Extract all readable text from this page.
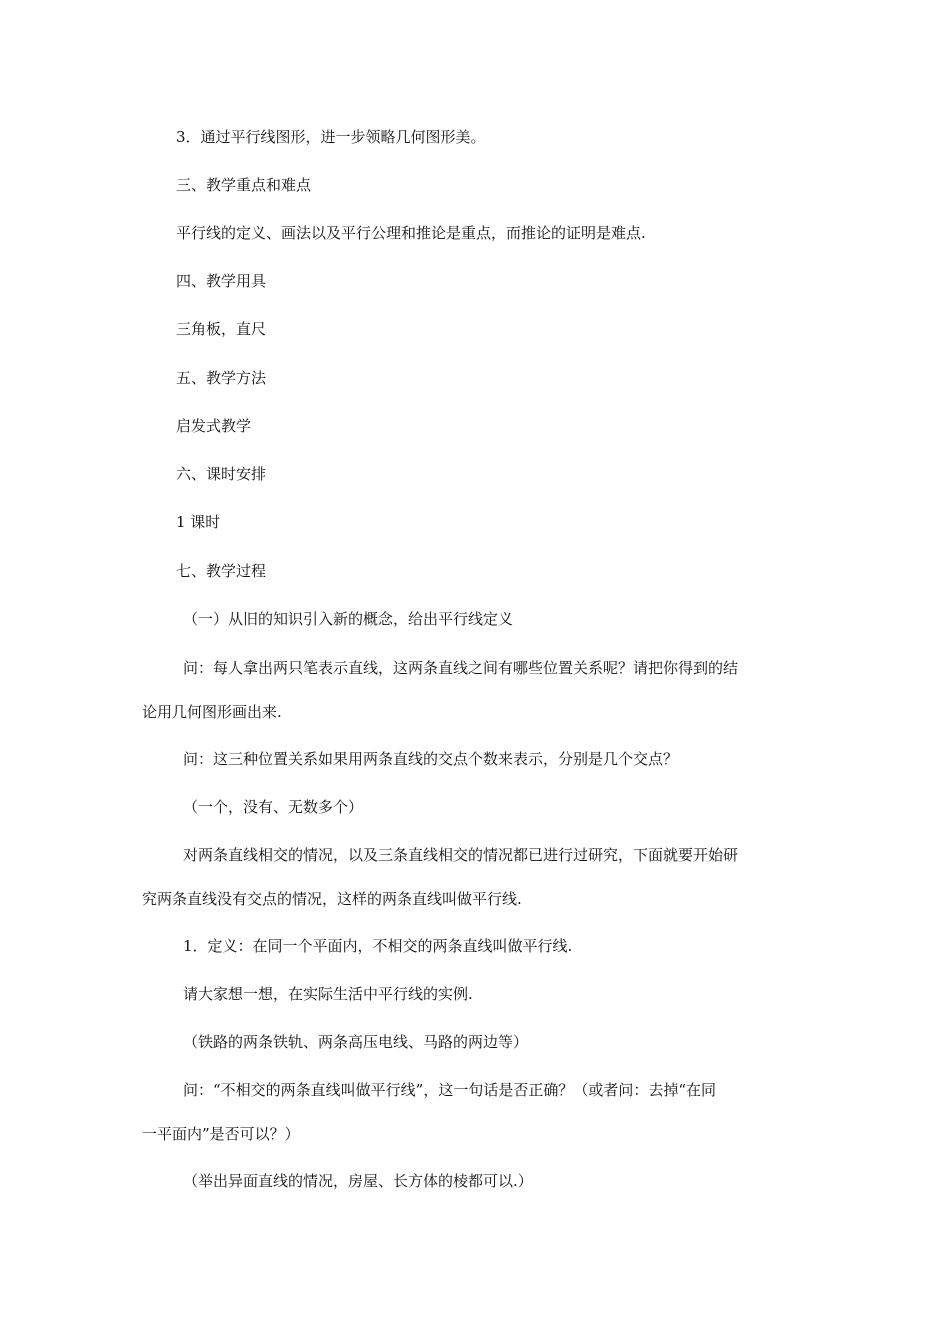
3．通过平行线图形，进一步领略几何图形美。
三、教学重点和难点
平行线的定义、画法以及平行公理和推论是重点，而推论的证明是难点.
四、教学用具
三角板，直尺
五、教学方法
启发式教学
六、课时安排
1 课时
七、教学过程
（一）从旧的知识引入新的概念，给出平行线定义
问：每人拿出两只笔表示直线，这两条直线之间有哪些位置关系呢？请把你得到的结
论用几何图形画出来.
问：这三种位置关系如果用两条直线的交点个数来表示，分别是几个交点？
（一个，没有、无数多个）
对两条直线相交的情况，以及三条直线相交的情况都已进行过研究，下面就要开始研
究两条直线没有交点的情况，这样的两条直线叫做平行线.
1．定义：在同一个平面内，不相交的两条直线叫做平行线.
请大家想一想，在实际生活中平行线的实例.
（铁路的两条铁轨、两条高压电线、马路的两边等）
问：“不相交的两条直线叫做平行线”，这一句话是否正确？（或者问：去掉“在同
一平面内”是否可以？）
（举出异面直线的情况，房屋、长方体的棱都可以.）
